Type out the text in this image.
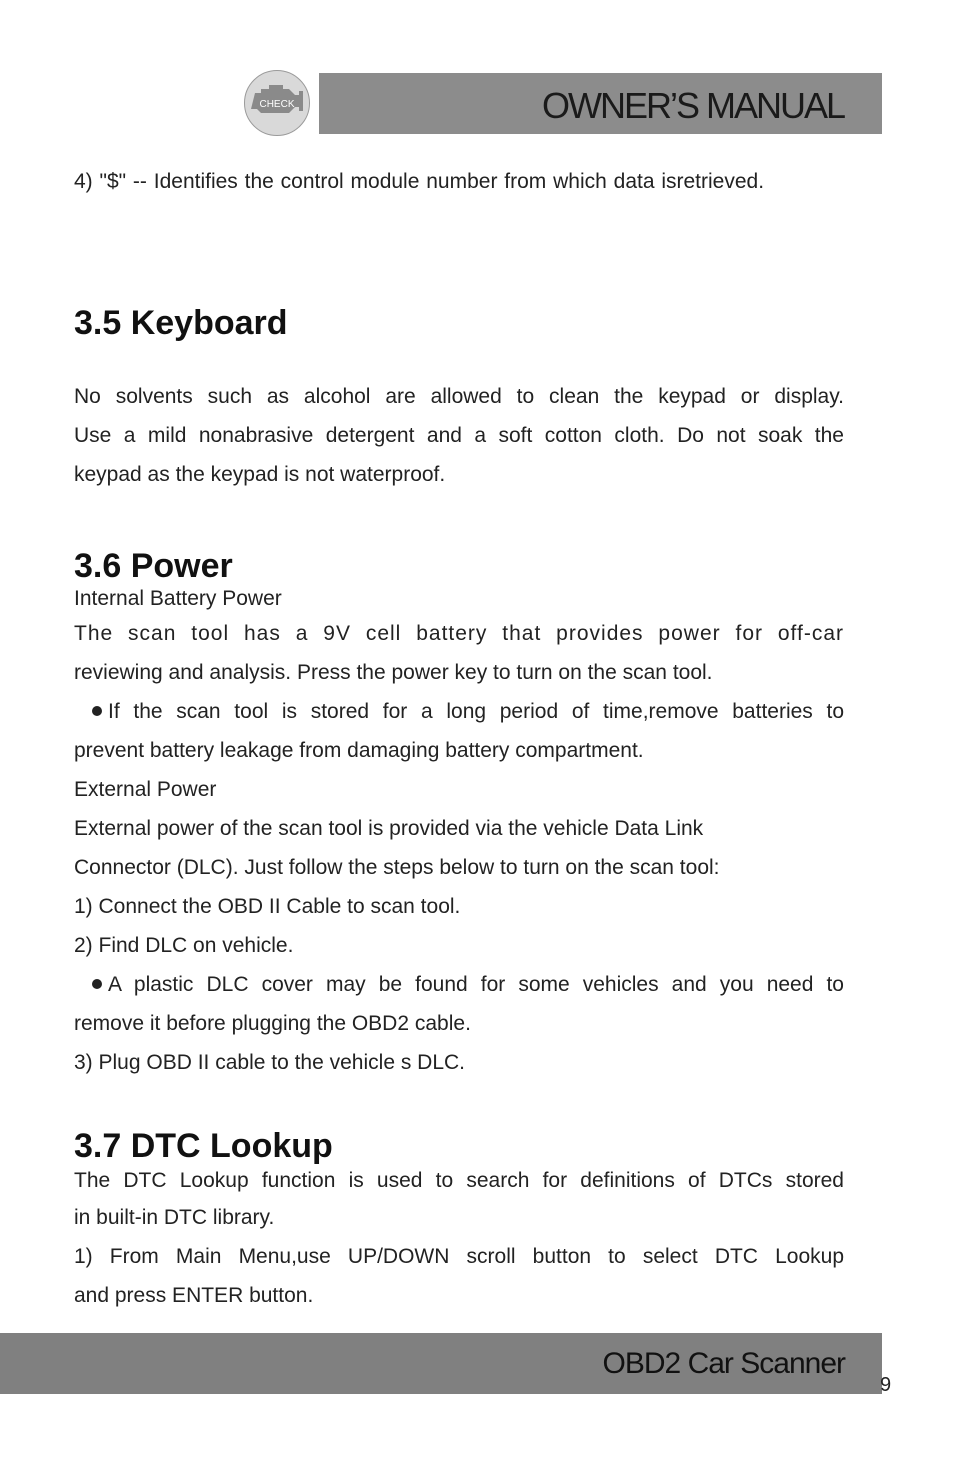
OWNER’S MANUAL
CHECK
4) "$" -- Identifies the control module number from which data isretrieved.
3.5 Keyboard
No solvents such as alcohol are allowed to clean the keypad or display.
Use a mild nonabrasive detergent and a soft cotton cloth. Do not soak the
keypad as the keypad is not waterproof.
3.6 Power
Internal Battery Power
The scan tool has a 9V cell battery that provides power for off-car
reviewing and analysis. Press the power key to turn on the scan tool.
If the scan tool is stored for a long period of time,remove batteries to
prevent battery leakage from damaging battery compartment.
External Power
External power of the scan tool is provided via the vehicle Data Link
Connector (DLC). Just follow the steps below to turn on the scan tool:
1) Connect the OBD II Cable to scan tool.
2) Find DLC on vehicle.
A plastic DLC cover may be found for some vehicles and you need to
remove it before plugging the OBD2 cable.
3) Plug OBD II cable to the vehicle s DLC.
3.7 DTC Lookup
The DTC Lookup function is used to search for definitions of DTCs stored
in built-in DTC library.
1) From Main Menu,use UP/DOWN scroll button to select DTC Lookup
and press ENTER button.
OBD2 Car Scanner
9
